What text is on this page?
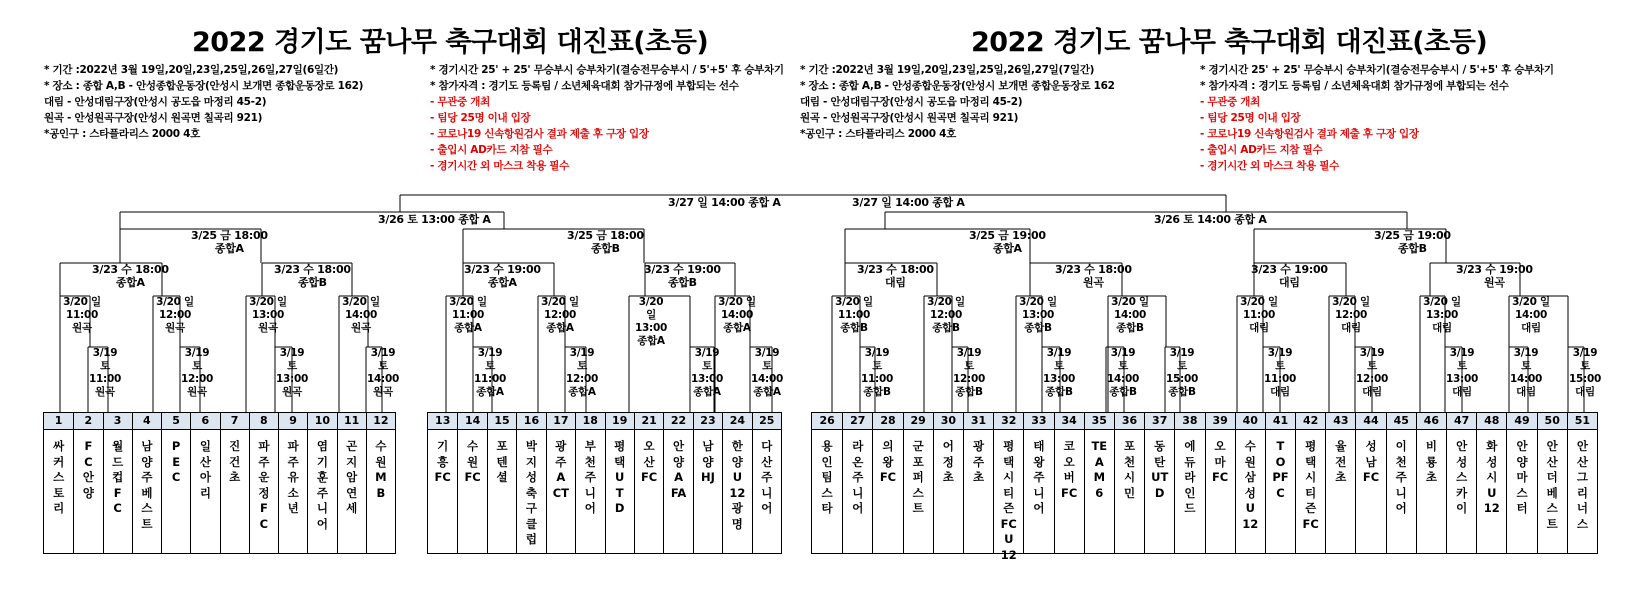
2022 경기도 꿈나무 축구대회 대진표(초등)	2022 경기도 꿈나무 축구대회 대진표(초등)
* 기간 :2022년 3월 19일,20일,23일,25일,26일,27일(6일간)
* 장소 : 종합 A,B - 안성종합운동장(안성시 보개면 종합운동장로 162)
대림 - 안성대림구장(안성시 공도읍 마정리 45-2)
원곡 - 안성원곡구장(안성시 원곡면 칠곡리 921)
*공인구 : 스타플라리스 2000 4호
* 경기시간 25' + 25' 무승부시 승부차기(결승전무승부시 / 5'+5' 후 승부차기
* 참가자격 : 경기도 등록팀 / 소년체육대회 참가규정에 부합되는 선수
- 무관중 개최
- 팀당 25명 이내 입장
- 코로나19 신속항원검사 결과 제출 후 구장 입장
- 출입시 AD카드 지참 필수
- 경기시간 외 마스크 착용 필수
* 기간 :2022년 3월 19일,20일,23일,25일,26일,27일(7일간)
* 장소 : 종합 A,B - 안성종합운동장(안성시 보개면 종합운동장로 162
대림 - 안성대림구장(안성시 공도읍 마정리 45-2)
원곡 - 안성원곡구장(안성시 원곡면 칠곡리 921)
*공인구 : 스타플라리스 2000 4호
* 경기시간 25' + 25' 무승부시 승부차기(결승전무승부시 / 5'+5' 후 승부차기
* 참가자격 : 경기도 등록팀 / 소년체육대회 참가규정에 부합되는 선수
- 무관중 개최
- 팀당 25명 이내 입장
- 코로나19 신속항원검사 결과 제출 후 구장 입장
- 출입시 AD카드 지참 필수
- 경기시간 외 마스크 착용 필수
3/27 일 14:00 종합 A	3/27 일 14:00 종합 A
3/26 토 13:00 종합 A	3/26 토 14:00 종합 A
3/25 금 18:00
종합A
3/25 금 18:00
종합B
3/25 금 19:00
종합A
3/25 금 19:00
종합B
3/23 수 18:00
종합A
3/23 수 18:00
종합B
3/23 수 19:00
종합A
3/23 수 19:00
종합B
3/23 수 18:00
대림
3/23 수 18:00
원곡
3/23 수 19:00
대림
3/23 수 19:00
원곡
3/20 일
11:00
원곡
3/20 일
12:00
원곡
3/20 일
13:00
원곡
3/20 일
14:00
원곡
3/20 일
11:00
종합A
3/20 일
12:00
종합A
3/20
일
13:00
종합A
3/20 일
14:00
종합A
3/20 일
11:00
종합B
3/20 일
12:00
종합B
3/20 일
13:00
종합B
3/20 일
14:00
종합B
3/20 일
11:00
대림
3/20 일
12:00
대림
3/20 일
13:00
대림
3/20 일
14:00
대림
3/19
토
11:00
원곡
3/19
토
12:00
원곡
3/19
토
13:00
원곡
3/19
토
14:00
원곡
3/19
토
11:00
종합A
3/19
토
12:00
종합A
3/19
토
13:00
종합A
3/19
토
14:00
종합A
3/19
토
11:00
종합B
3/19
토
12:00
종합B
3/19
토
13:00
종합B
3/19
토
14:00
종합B
3/19
토
15:00
종합B
3/19
토
11:00
대림
3/19
토
12:00
대림
3/19
토
13:00
대림
3/19
토
14:00
대림
3/19
토
15:00
대림
1
싸커스토리
2
FC안양
3
월드컵FC
4
남양주베스트
5
PEC
6
일산아리
7
진건초
8
파주운정FC
9
파주유소년
10
염기훈주니어
11
곤지암연세
12
수원MB
13
기흥FC
14
수원FC
15
포텐셜
16
박지성축구클럽
17
광주ACT
18
부천주니어
19
평택UTD
21
오산FC
22
안양AFA
23
남양HJ
24
한양U12광명
25
다산주니어
26
용인팀스타
27
라온주니어
28
의왕FC
29
군포퍼스트
30
어정초
31
광주초
32
평택시티즌FCU12
33
태왕주니어
34
코오버FC
35
TEAM6
36
포천시민
37
동탄UTD
38
에듀라인드
39
오마FC
40
수원삼성U12
41
TOPFC
42
평택시티즌FC
43
율전초
44
성남FC
45
이천주니어
46
비룡초
47
안성스카이
48
화성시U12
49
안양마스터
50
안산더베스트
51
안산그리너스
